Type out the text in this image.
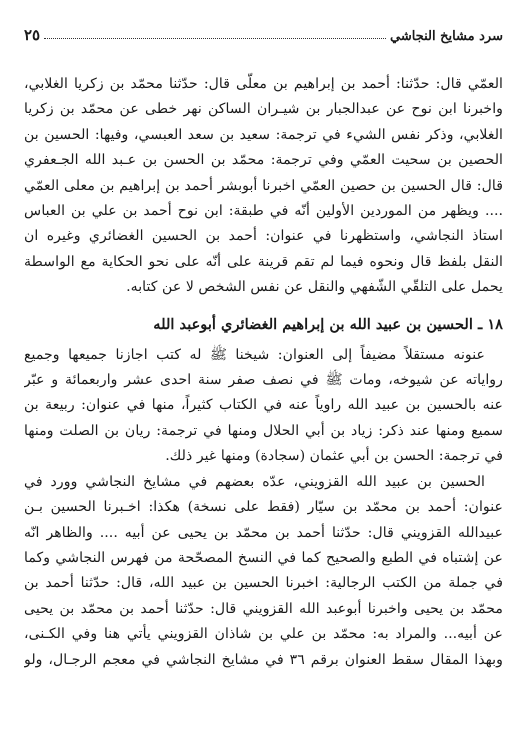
سرد مشايخ النجاشي
٢٥

العمّي قال: حدّثنا: أحمد بن إبراهيم بن معلّى قال: حدّثنا محمّد بن زكريا الغلابي،
واخبرنا ابن نوح عن عبدالجبار بن شيـران الساكن نهر خطى عن محمّد بن زكريا
الغلابي، وذكر نفس الشيء في ترجمة: سعيد بن سعد العبسي، وفيها: الحسين بن
الحصين بن سحيت العمّي وفي ترجمة: محمّد بن الحسن بن عـبد الله الجـعفري
قال: قال الحسين بن حصين العمّي اخبرنا أبوبشر أحمد بن إبراهيم بن معلى العمّي
.... ويظهر من الموردين الأولين أنّه في طبقة: ابن نوح أحمد بن علي بن العباس
استاذ النجاشي، واستظهرنا في عنوان: أحمد بن الحسين الغضائري وغيره ان
النقل بلفظ قال ونحوه فيما لم تقم قرينة على أنّه على نحو الحكاية مع الواسطة
يحمل على التلقّي الشّفهي والنقل عن نفس الشخص لا عن كتابه.

١٨ ـ الحسين بن عبيد الله بن إبراهيم الغضائري أبوعبد الله

عنونه مستقلاً مضيفاً إلى العنوان: شيخنا ﷺ له كتب اجازنا جميعها وجميع
رواياته عن شيوخه، ومات ﷺ في نصف صفر سنة احدى عشر واربعمائة و عبّر
عنه بالحسين بن عبيد الله راوياً عنه في الكتاب كثيراً، منها في عنوان: ربيعة بن
سميع ومنها عند ذكر: زياد بن أبي الحلال ومنها في ترجمة: ريان بن الصلت ومنها
في ترجمة: الحسن بن أبي عثمان (سجادة) ومنها غير ذلك.

الحسين بن عبيد الله القزويني، عدّه بعضهم في مشايخ النجاشي وورد في
عنوان: أحمد بن محمّد بن سيّار (فقط على نسخة) هكذا: اخـبرنا الحسين بـن
عبيدالله القزويني قال: حدّثنا أحمد بن محمّد بن يحيى عن أبيه .... والظاهر انّه
عن إشتباه في الطبع والصحيح كما في النسخ المصحّحة من فهرس النجاشي وكما
في جملة من الكتب الرجالية: اخبرنا الحسين بن عبيد الله، قال: حدّثنا أحمد بن
محمّد بن يحيى واخبرنا أبوعبد الله القزويني قال: حدّثنا أحمد بن محمّد بن يحيى
عن أبيه... والمراد به: محمّد بن علي بن شاذان القزويني يأتي هنا وفي الكـنى،
وبهذا المقال سقط العنوان برقم ٣٦ في مشايخ النجاشي في معجم الرجـال، ولو
